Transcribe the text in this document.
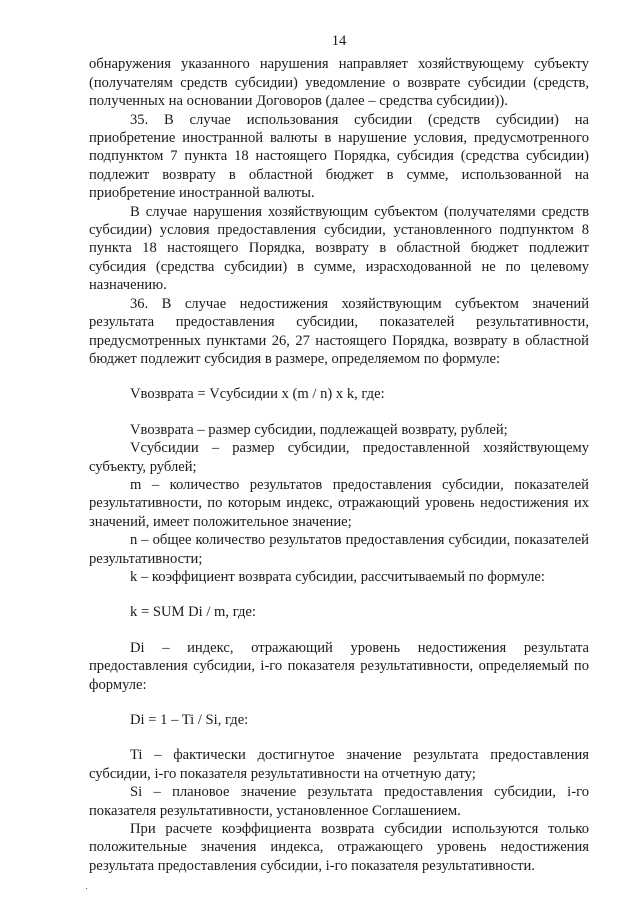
14

обнаружения указанного нарушения направляет хозяйствующему субъекту (получателям средств субсидии) уведомление о возврате субсидии (средств, полученных на основании Договоров (далее – средства субсидии)).

35. В случае использования субсидии (средств субсидии) на приобретение иностранной валюты в нарушение условия, предусмотренного подпунктом 7 пункта 18 настоящего Порядка, субсидия (средства субсидии) подлежит возврату в областной бюджет в сумме, использованной на приобретение иностранной валюты.

В случае нарушения хозяйствующим субъектом (получателями средств субсидии) условия предоставления субсидии, установленного подпунктом 8 пункта 18 настоящего Порядка, возврату в областной бюджет подлежит субсидия (средства субсидии) в сумме, израсходованной не по целевому назначению.

36. В случае недостижения хозяйствующим субъектом значений результата предоставления субсидии, показателей результативности, предусмотренных пунктами 26, 27 настоящего Порядка, возврату в областной бюджет подлежит субсидия в размере, определяемом по формуле:

Vвозврата = Vсубсидии x (m / n) x k, где:

Vвозврата – размер субсидии, подлежащей возврату, рублей;

Vсубсидии – размер субсидии, предоставленной хозяйствующему субъекту, рублей;

m – количество результатов предоставления субсидии, показателей результативности, по которым индекс, отражающий уровень недостижения их значений, имеет положительное значение;

n – общее количество результатов предоставления субсидии, показателей результативности;

k – коэффициент возврата субсидии, рассчитываемый по формуле:

k = SUM Di / m, где:

Di – индекс, отражающий уровень недостижения результата предоставления субсидии, i-го показателя результативности, определяемый по формуле:

Di = 1 – Ti / Si, где:

Ti – фактически достигнутое значение результата предоставления субсидии, i-го показателя результативности на отчетную дату;

Si – плановое значение результата предоставления субсидии, i-го показателя результативности, установленное Соглашением.

При расчете коэффициента возврата субсидии используются только положительные значения индекса, отражающего уровень недостижения результата предоставления субсидии, i-го показателя результативности.
